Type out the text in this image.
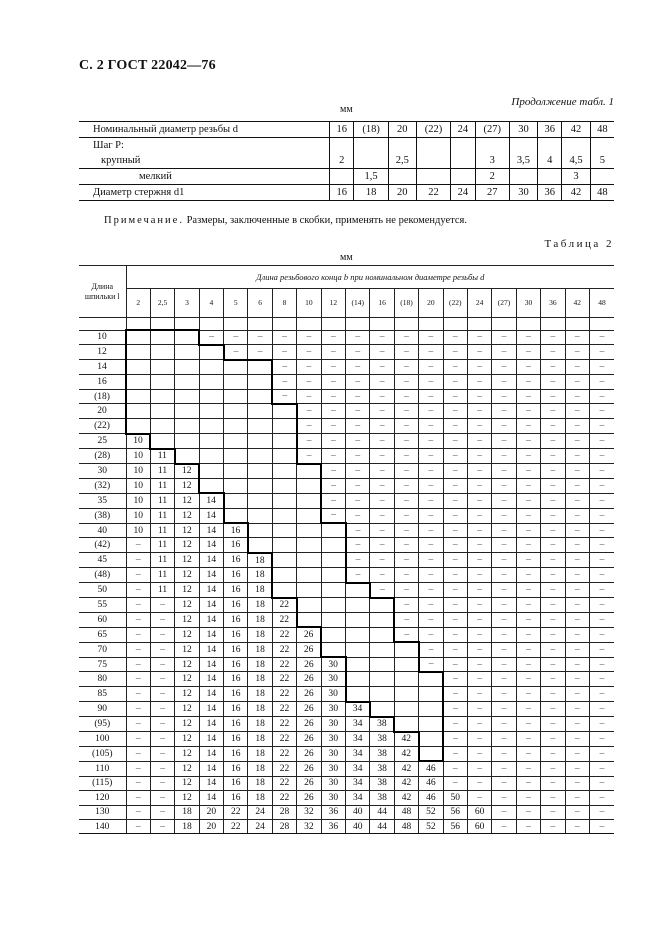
С. 2 ГОСТ 22042—76
Продолжение табл. 1
мм
Номинальный диаметр резьбы d	16	(18)	20	(22)	24	(27)	30	36	42	48
Шаг P:										
крупный	2		2,5			3	3,5	4	4,5	5
мелкий		1,5				2			3	
Диаметр стержня d1	16	18	20	22	24	27	30	36	42	48
Примечание. Размеры, заключенные в скобки, применять не рекомендуется.
Таблица 2
мм
Длина шпильки l	Длина резьбового конца b при номинальном диаметре резьбы d																			
	2	2,5	3	4	5	6	8	10	12	(14)	16	(18)	20	(22)	24	(27)	30	36	42	48

10				–	–	–	–	–	–	–	–	–	–	–	–	–	–	–	–	–
12					–	–	–	–	–	–	–	–	–	–	–	–	–	–	–	–
14							–	–	–	–	–	–	–	–	–	–	–	–	–	–
16							–	–	–	–	–	–	–	–	–	–	–	–	–	–
(18)							–	–	–	–	–	–	–	–	–	–	–	–	–	–
20								–	–	–	–	–	–	–	–	–	–	–	–	–
(22)								–	–	–	–	–	–	–	–	–	–	–	–	–
25	10							–	–	–	–	–	–	–	–	–	–	–	–	–
(28)	10	11						–	–	–	–	–	–	–	–	–	–	–	–	–
30	10	11	12						–	–	–	–	–	–	–	–	–	–	–	–
(32)	10	11	12						–	–	–	–	–	–	–	–	–	–	–	–
35	10	11	12	14					–	–	–	–	–	–	–	–	–	–	–	–
(38)	10	11	12	14					–	–	–	–	–	–	–	–	–	–	–	–
40	10	11	12	14	16					–	–	–	–	–	–	–	–	–	–	–
(42)	–	11	12	14	16					–	–	–	–	–	–	–	–	–	–	–
45	–	11	12	14	16	18				–	–	–	–	–	–	–	–	–	–	–
(48)	–	11	12	14	16	18				–	–	–	–	–	–	–	–	–	–	–
50	–	11	12	14	16	18					–	–	–	–	–	–	–	–	–	–
55	–	–	12	14	16	18	22					–	–	–	–	–	–	–	–	–
60	–	–	12	14	16	18	22					–	–	–	–	–	–	–	–	–
65	–	–	12	14	16	18	22	26				–	–	–	–	–	–	–	–	–
70	–	–	12	14	16	18	22	26					–	–	–	–	–	–	–	–
75	–	–	12	14	16	18	22	26	30				–	–	–	–	–	–	–	–
80	–	–	12	14	16	18	22	26	30					–	–	–	–	–	–	–
85	–	–	12	14	16	18	22	26	30					–	–	–	–	–	–	–
90	–	–	12	14	16	18	22	26	30	34				–	–	–	–	–	–	–
(95)	–	–	12	14	16	18	22	26	30	34	38			–	–	–	–	–	–	–
100	–	–	12	14	16	18	22	26	30	34	38	42		–	–	–	–	–	–	–
(105)	–	–	12	14	16	18	22	26	30	34	38	42		–	–	–	–	–	–	–
110	–	–	12	14	16	18	22	26	30	34	38	42	46	–	–	–	–	–	–	–
(115)	–	–	12	14	16	18	22	26	30	34	38	42	46	–	–	–	–	–	–	–
120	–	–	12	14	16	18	22	26	30	34	38	42	46	50	–	–	–	–	–	–
130	–	–	18	20	22	24	28	32	36	40	44	48	52	56	60	–	–	–	–	–
140	–	–	18	20	22	24	28	32	36	40	44	48	52	56	60	–	–	–	–	–
